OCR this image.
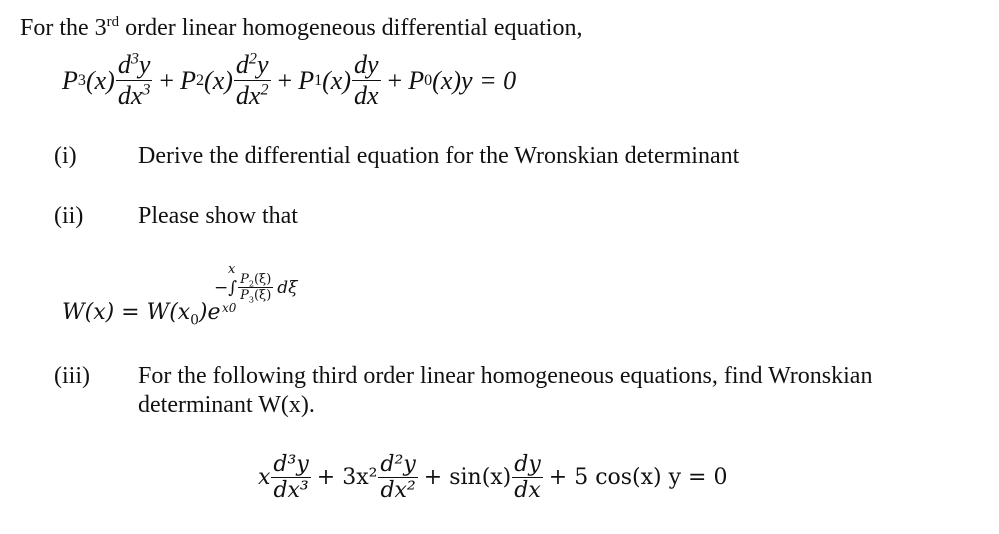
For the 3rd order linear homogeneous differential equation,
P 3 $(x) \frac{d^3y}{dx^3} + P$ 2 $(x) \frac{d^2y}{dx^2} + P$ 1 $(x) \frac{dy}{dx} + P$ 0 (x)y = 0
(i)	Derive the differential equation for the Wronskian determinant
(ii) Please show that
x
−∫ $\frac{P_2(\xi)}{P_3(\xi)}$ dξ
x0
$W(x) = W(x_0)e$
(iii) For the following third order linear homogeneous equations, find Wronskian
determinant W(x).
x $\frac{\text{d³y}}{\text{dx³}} + 3x^2 \frac{\text{d²y}}{\text{dx²}} + \sin(x) \frac{dy}{dx} + 5$ cos(x) y = 0
